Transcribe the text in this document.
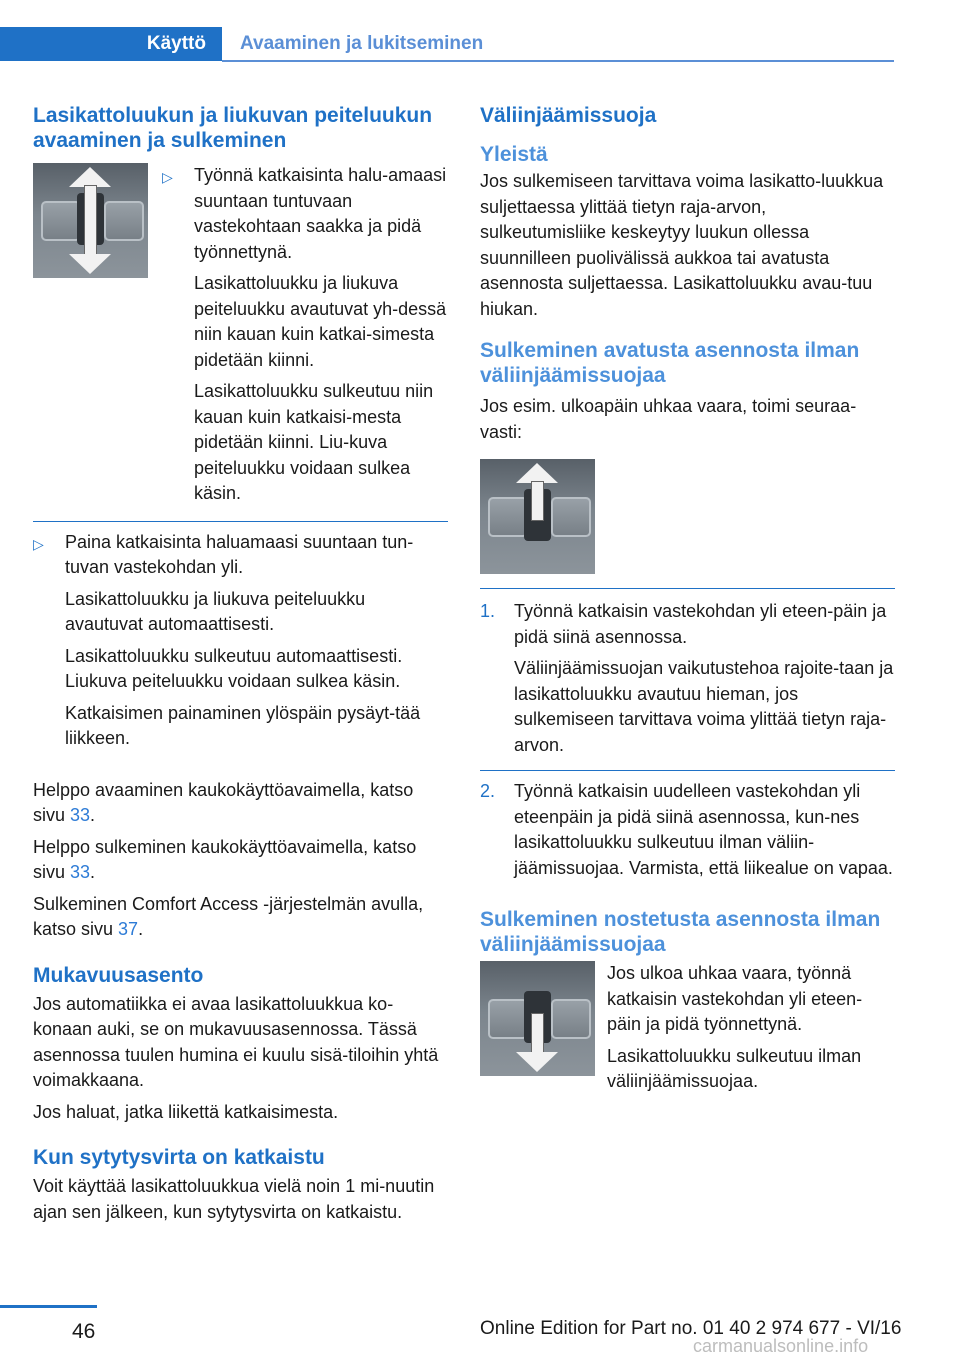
Käyttö Avaaminen ja lukitseminen
Lasikattoluukun ja liukuvan peiteluukun avaaminen ja sulkeminen
▷	Työnnä katkaisinta halu-amaasi suuntaan tuntuvaan vastekohtaan saakka ja pidä työnnettynä.

Lasikattoluukku ja liukuva peiteluukku avautuvat yh-dessä niin kauan kuin katkai-simesta pidetään kiinni.

Lasikattoluukku sulkeutuu niin kauan kuin katkaisi-mesta pidetään kiinni. Liu-kuva peiteluukku voidaan sulkea käsin.

▷	Paina katkaisinta haluamaasi suuntaan tun-tuvan vastekohdan yli.

Lasikattoluukku ja liukuva peiteluukku avautuvat automaattisesti.

Lasikattoluukku sulkeutuu automaattisesti. Liukuva peiteluukku voidaan sulkea käsin.

Katkaisimen painaminen ylöspäin pysäyt-tää liikkeen.

Helppo avaaminen kaukokäyttöavaimella, katso sivu 33.

Helppo sulkeminen kaukokäyttöavaimella, katso sivu 33.

Sulkeminen Comfort Access -järjestelmän avulla, katso sivu 37.

Mukavuusasento

Jos automatiikka ei avaa lasikattoluukkua ko-konaan auki, se on mukavuusasennossa. Tässä asennossa tuulen humina ei kuulu sisä-tiloihin yhtä voimakkaana.

Jos haluat, jatka liikettä katkaisimesta.

Kun sytytysvirta on katkaistu

Voit käyttää lasikattoluukkua vielä noin 1 mi-nuutin ajan sen jälkeen, kun sytytysvirta on katkaistu.

Väliinjäämissuoja
Yleistä

Jos sulkemiseen tarvittava voima lasikatto-luukkua suljettaessa ylittää tietyn raja-arvon, sulkeutumisliike keskeytyy luukun ollessa suunnilleen puolivälissä aukkoa tai avatusta asennosta suljettaessa. Lasikattoluukku avau-tuu hiukan.

Sulkeminen avatusta asennosta ilman väliinjäämissuojaa

Jos esim. ulkoapäin uhkaa vaara, toimi seuraa-vasti:

1.	Työnnä katkaisin vastekohdan yli eteen-päin ja pidä siinä asennossa.

Väliinjäämissuojan vaikutustehoa rajoite-taan ja lasikattoluukku avautuu hieman, jos sulkemiseen tarvittava voima ylittää tietyn raja-arvon.

2.	Työnnä katkaisin uudelleen vastekohdan yli eteenpäin ja pidä siinä asennossa, kun-nes lasikattoluukku sulkeutuu ilman väliin-jäämissuojaa. Varmista, että liikealue on vapaa.

Sulkeminen nostetusta asennosta ilman väliinjäämissuojaa

Jos ulkoa uhkaa vaara, työnnä katkaisin vastekohdan yli eteen-päin ja pidä työnnettynä.

Lasikattoluukku sulkeutuu ilman väliinjäämissuojaa.

46	Online Edition for Part no. 01 40 2 974 677 - VI/16
carmanualsonline.info
